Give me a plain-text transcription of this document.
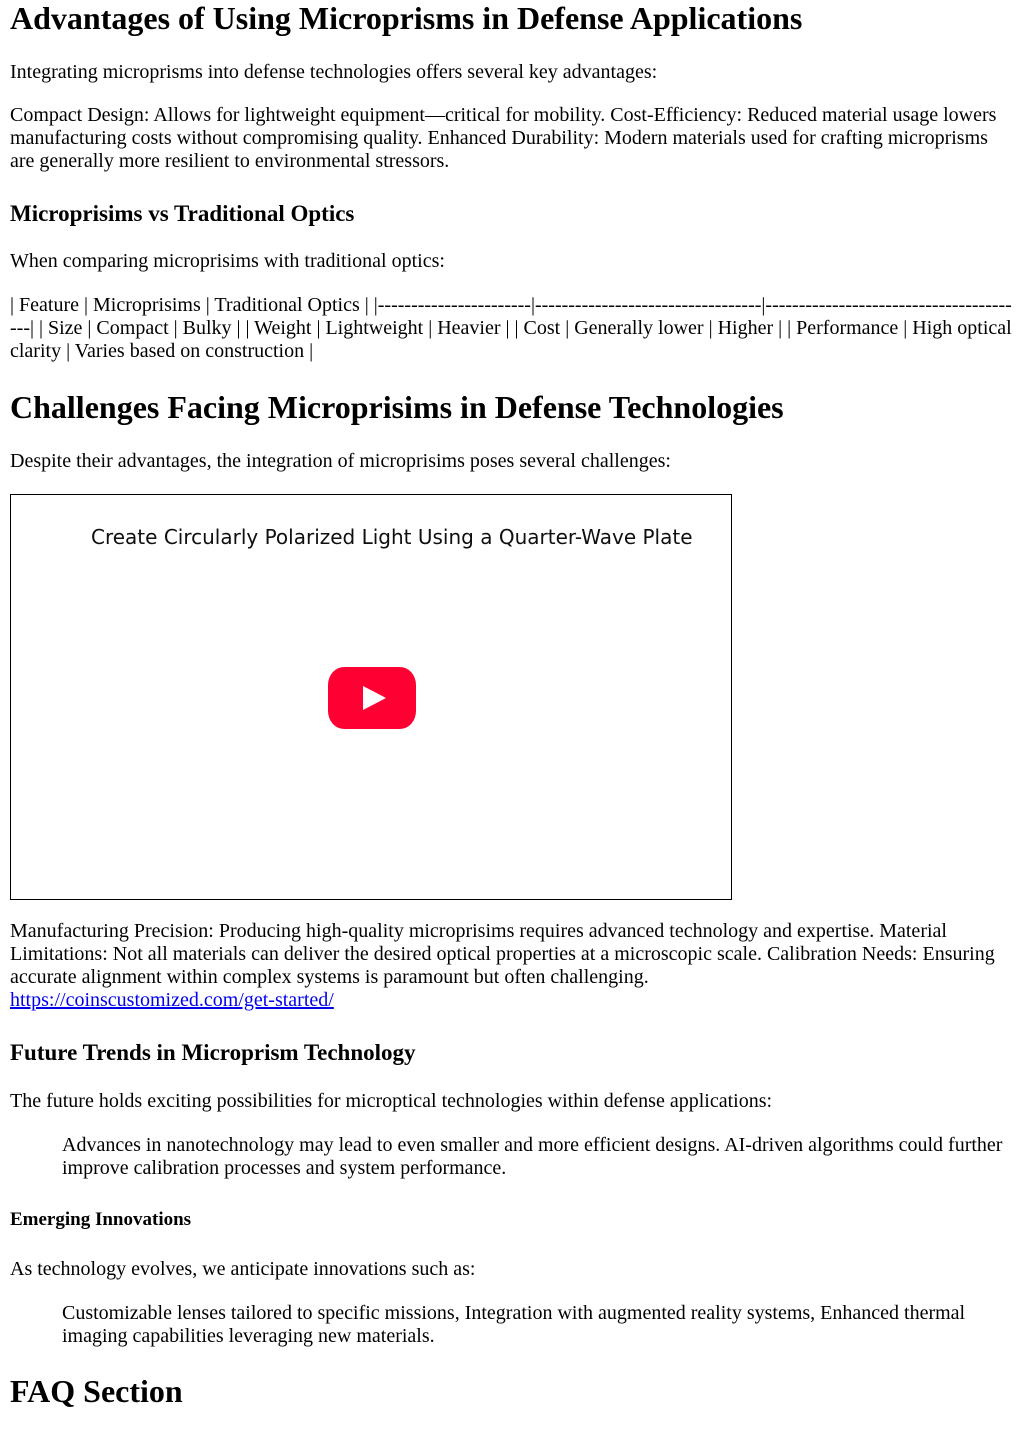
Advantages of Using Microprisms in Defense Applications

Integrating microprisms into defense technologies offers several key advantages:

Compact Design: Allows for lightweight equipment—critical for mobility. Cost-Efficiency: Reduced material usage lowers manufacturing costs without compromising quality. Enhanced Durability: Modern materials used for crafting microprisms are generally more resilient to environmental stressors.

Microprisims vs Traditional Optics

When comparing microprisims with traditional optics:

| Feature | Microprisims | Traditional Optics | |-----------------------|----------------------------------|----------------------------------------| | Size | Compact | Bulky | | Weight | Lightweight | Heavier | | Cost | Generally lower | Higher | | Performance | High optical clarity | Varies based on construction |

Challenges Facing Microprisims in Defense Technologies

Despite their advantages, the integration of microprisims poses several challenges:

Create Circularly Polarized Light Using a Quarter-Wave Plate

Manufacturing Precision: Producing high-quality microprisims requires advanced technology and expertise. Material Limitations: Not all materials can deliver the desired optical properties at a microscopic scale. Calibration Needs: Ensuring accurate alignment within complex systems is paramount but often challenging.

https://coinscustomized.com/get-started/
Future Trends in Microprism Technology

The future holds exciting possibilities for microptical technologies within defense applications:

Advances in nanotechnology may lead to even smaller and more efficient designs. AI-driven algorithms could further improve calibration processes and system performance.
Emerging Innovations

As technology evolves, we anticipate innovations such as:

Customizable lenses tailored to specific missions, Integration with augmented reality systems, Enhanced thermal imaging capabilities leveraging new materials.
FAQ Section
